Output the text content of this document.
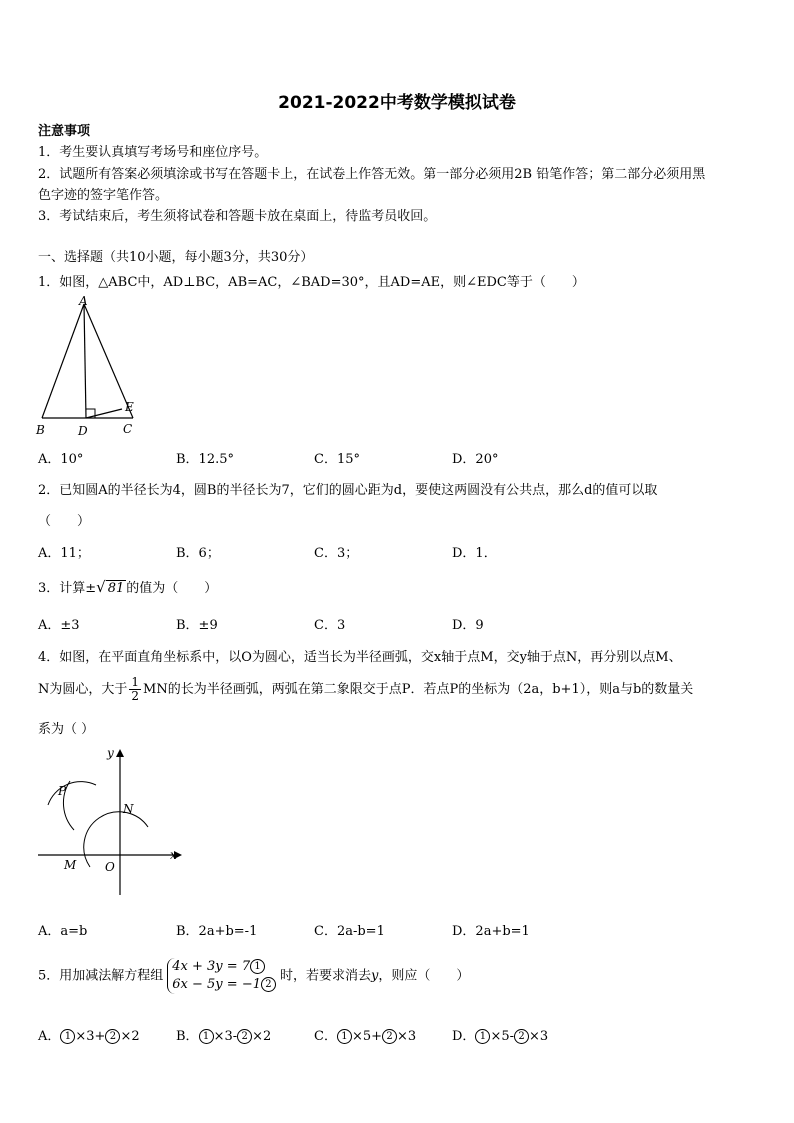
2021-2022中考数学模拟试卷
注意事项
1．考生要认真填写考场号和座位序号。
2．试题所有答案必须填涂或书写在答题卡上，在试卷上作答无效。第一部分必须用2B 铅笔作答；第二部分必须用黑
色字迹的签字笔作答。
3．考试结束后，考生须将试卷和答题卡放在桌面上，待监考员收回。
一、选择题（共10小题，每小题3分，共30分）
1．如图，△ABC中，AD⊥BC，AB=AC，∠BAD=30°，且AD=AE，则∠EDC等于（　　）
A
B	D	C
E
A．10°	B．12.5°	C．15°	D．20°
2．已知圆A的半径长为4，圆B的半径长为7，它们的圆心距为d，要使这两圆没有公共点，那么d的值可以取
（　　）
A．11；	B．6；	C．3；	D．1．
3．计算±√ 81 的值为（　　）
A．±3	B．±9	C．3	D．9
4．如图，在平面直角坐标系中，以O为圆心，适当长为半径画弧，交x轴于点M，交y轴于点N，再分别以点M、
N为圆心，大于 $\frac{1}{2}$ MN的长为半径画弧，两弧在第二象限交于点P．若点P的坐标为（2a，b+1），则a与b的数量关
系为（ ）
y
x
P
N
M O
A．a=b	B．2a+b=-1	C．2a-b=1	D．2a+b=1
5．用加减法解方程组4x + 3y = 7 1
6x − 5y = −1 2时，若要求消去y，则应（　　）
A． 1 ×3+ 2 ×2	B． 1 ×3- 2 ×2	C． 1 ×5+ 2 ×3	D． 1 ×5- 2 ×3
